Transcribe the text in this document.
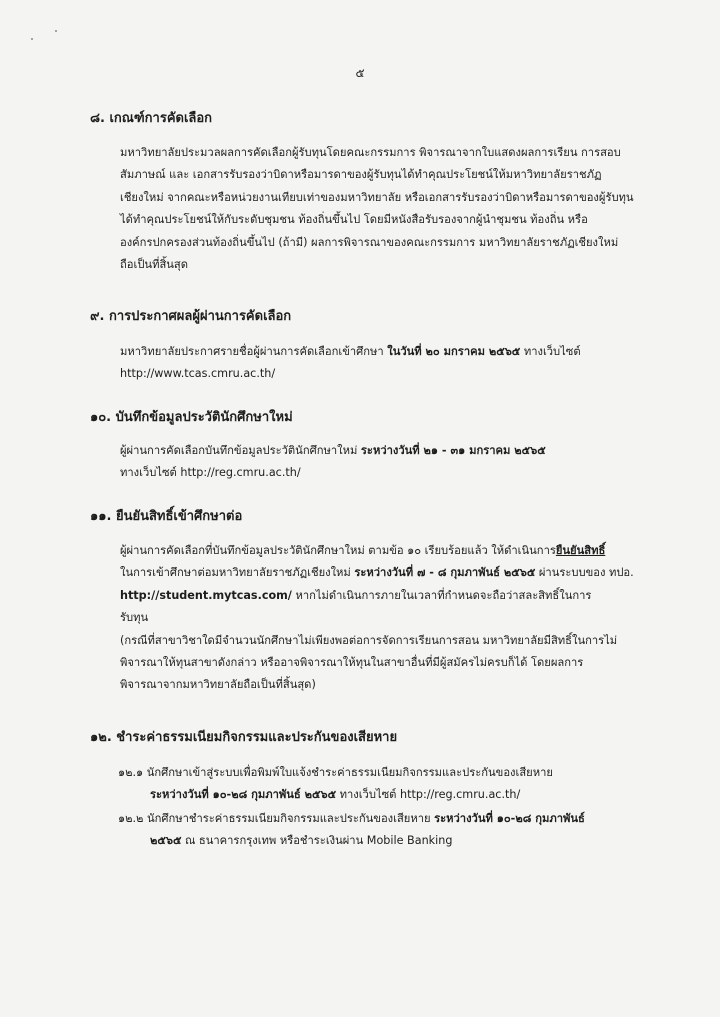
๕
๘. เกณฑ์การคัดเลือก
มหาวิทยาลัยประมวลผลการคัดเลือกผู้รับทุนโดยคณะกรรมการ พิจารณาจากใบแสดงผลการเรียน การสอบ
สัมภาษณ์ และ เอกสารรับรองว่าบิดาหรือมารดาของผู้รับทุนได้ทำคุณประโยชน์ให้มหาวิทยาลัยราชภัฏ
เชียงใหม่ จากคณะหรือหน่วยงานเทียบเท่าของมหาวิทยาลัย หรือเอกสารรับรองว่าบิดาหรือมารดาของผู้รับทุน
ได้ทำคุณประโยชน์ให้กับระดับชุมชน ท้องถิ่นขึ้นไป โดยมีหนังสือรับรองจากผู้นำชุมชน ท้องถิ่น หรือ
องค์กรปกครองส่วนท้องถิ่นขึ้นไป (ถ้ามี) ผลการพิจารณาของคณะกรรมการ มหาวิทยาลัยราชภัฏเชียงใหม่
ถือเป็นที่สิ้นสุด
๙. การประกาศผลผู้ผ่านการคัดเลือก
มหาวิทยาลัยประกาศรายชื่อผู้ผ่านการคัดเลือกเข้าศึกษา ในวันที่ ๒๐ มกราคม ๒๕๖๕ ทางเว็บไซต์
http://www.tcas.cmru.ac.th/
๑๐. บันทึกข้อมูลประวัตินักศึกษาใหม่
ผู้ผ่านการคัดเลือกบันทึกข้อมูลประวัตินักศึกษาใหม่ ระหว่างวันที่ ๒๑ - ๓๑ มกราคม ๒๕๖๕
ทางเว็บไซต์ http://reg.cmru.ac.th/
๑๑. ยืนยันสิทธิ์เข้าศึกษาต่อ
ผู้ผ่านการคัดเลือกที่บันทึกข้อมูลประวัตินักศึกษาใหม่ ตามข้อ ๑๐ เรียบร้อยแล้ว ให้ดำเนินการยืนยันสิทธิ์
ในการเข้าศึกษาต่อมหาวิทยาลัยราชภัฏเชียงใหม่ ระหว่างวันที่ ๗ - ๘ กุมภาพันธ์ ๒๕๖๕ ผ่านระบบของ ทปอ.
http://student.mytcas.com/ หากไม่ดำเนินการภายในเวลาที่กำหนดจะถือว่าสละสิทธิ์ในการ
รับทุน
(กรณีที่สาขาวิชาใดมีจำนวนนักศึกษาไม่เพียงพอต่อการจัดการเรียนการสอน มหาวิทยาลัยมีสิทธิ์ในการไม่
พิจารณาให้ทุนสาขาดังกล่าว หรืออาจพิจารณาให้ทุนในสาขาอื่นที่มีผู้สมัครไม่ครบก็ได้ โดยผลการ
พิจารณาจากมหาวิทยาลัยถือเป็นที่สิ้นสุด)
๑๒. ชำระค่าธรรมเนียมกิจกรรมและประกันของเสียหาย
๑๒.๑ นักศึกษาเข้าสู่ระบบเพื่อพิมพ์ใบแจ้งชำระค่าธรรมเนียมกิจกรรมและประกันของเสียหาย
ระหว่างวันที่ ๑๐-๒๘ กุมภาพันธ์ ๒๕๖๕ ทางเว็บไซต์ http://reg.cmru.ac.th/
๑๒.๒ นักศึกษาชำระค่าธรรมเนียมกิจกรรมและประกันของเสียหาย ระหว่างวันที่ ๑๐-๒๘ กุมภาพันธ์
๒๕๖๕ ณ ธนาคารกรุงเทพ หรือชำระเงินผ่าน Mobile Banking
